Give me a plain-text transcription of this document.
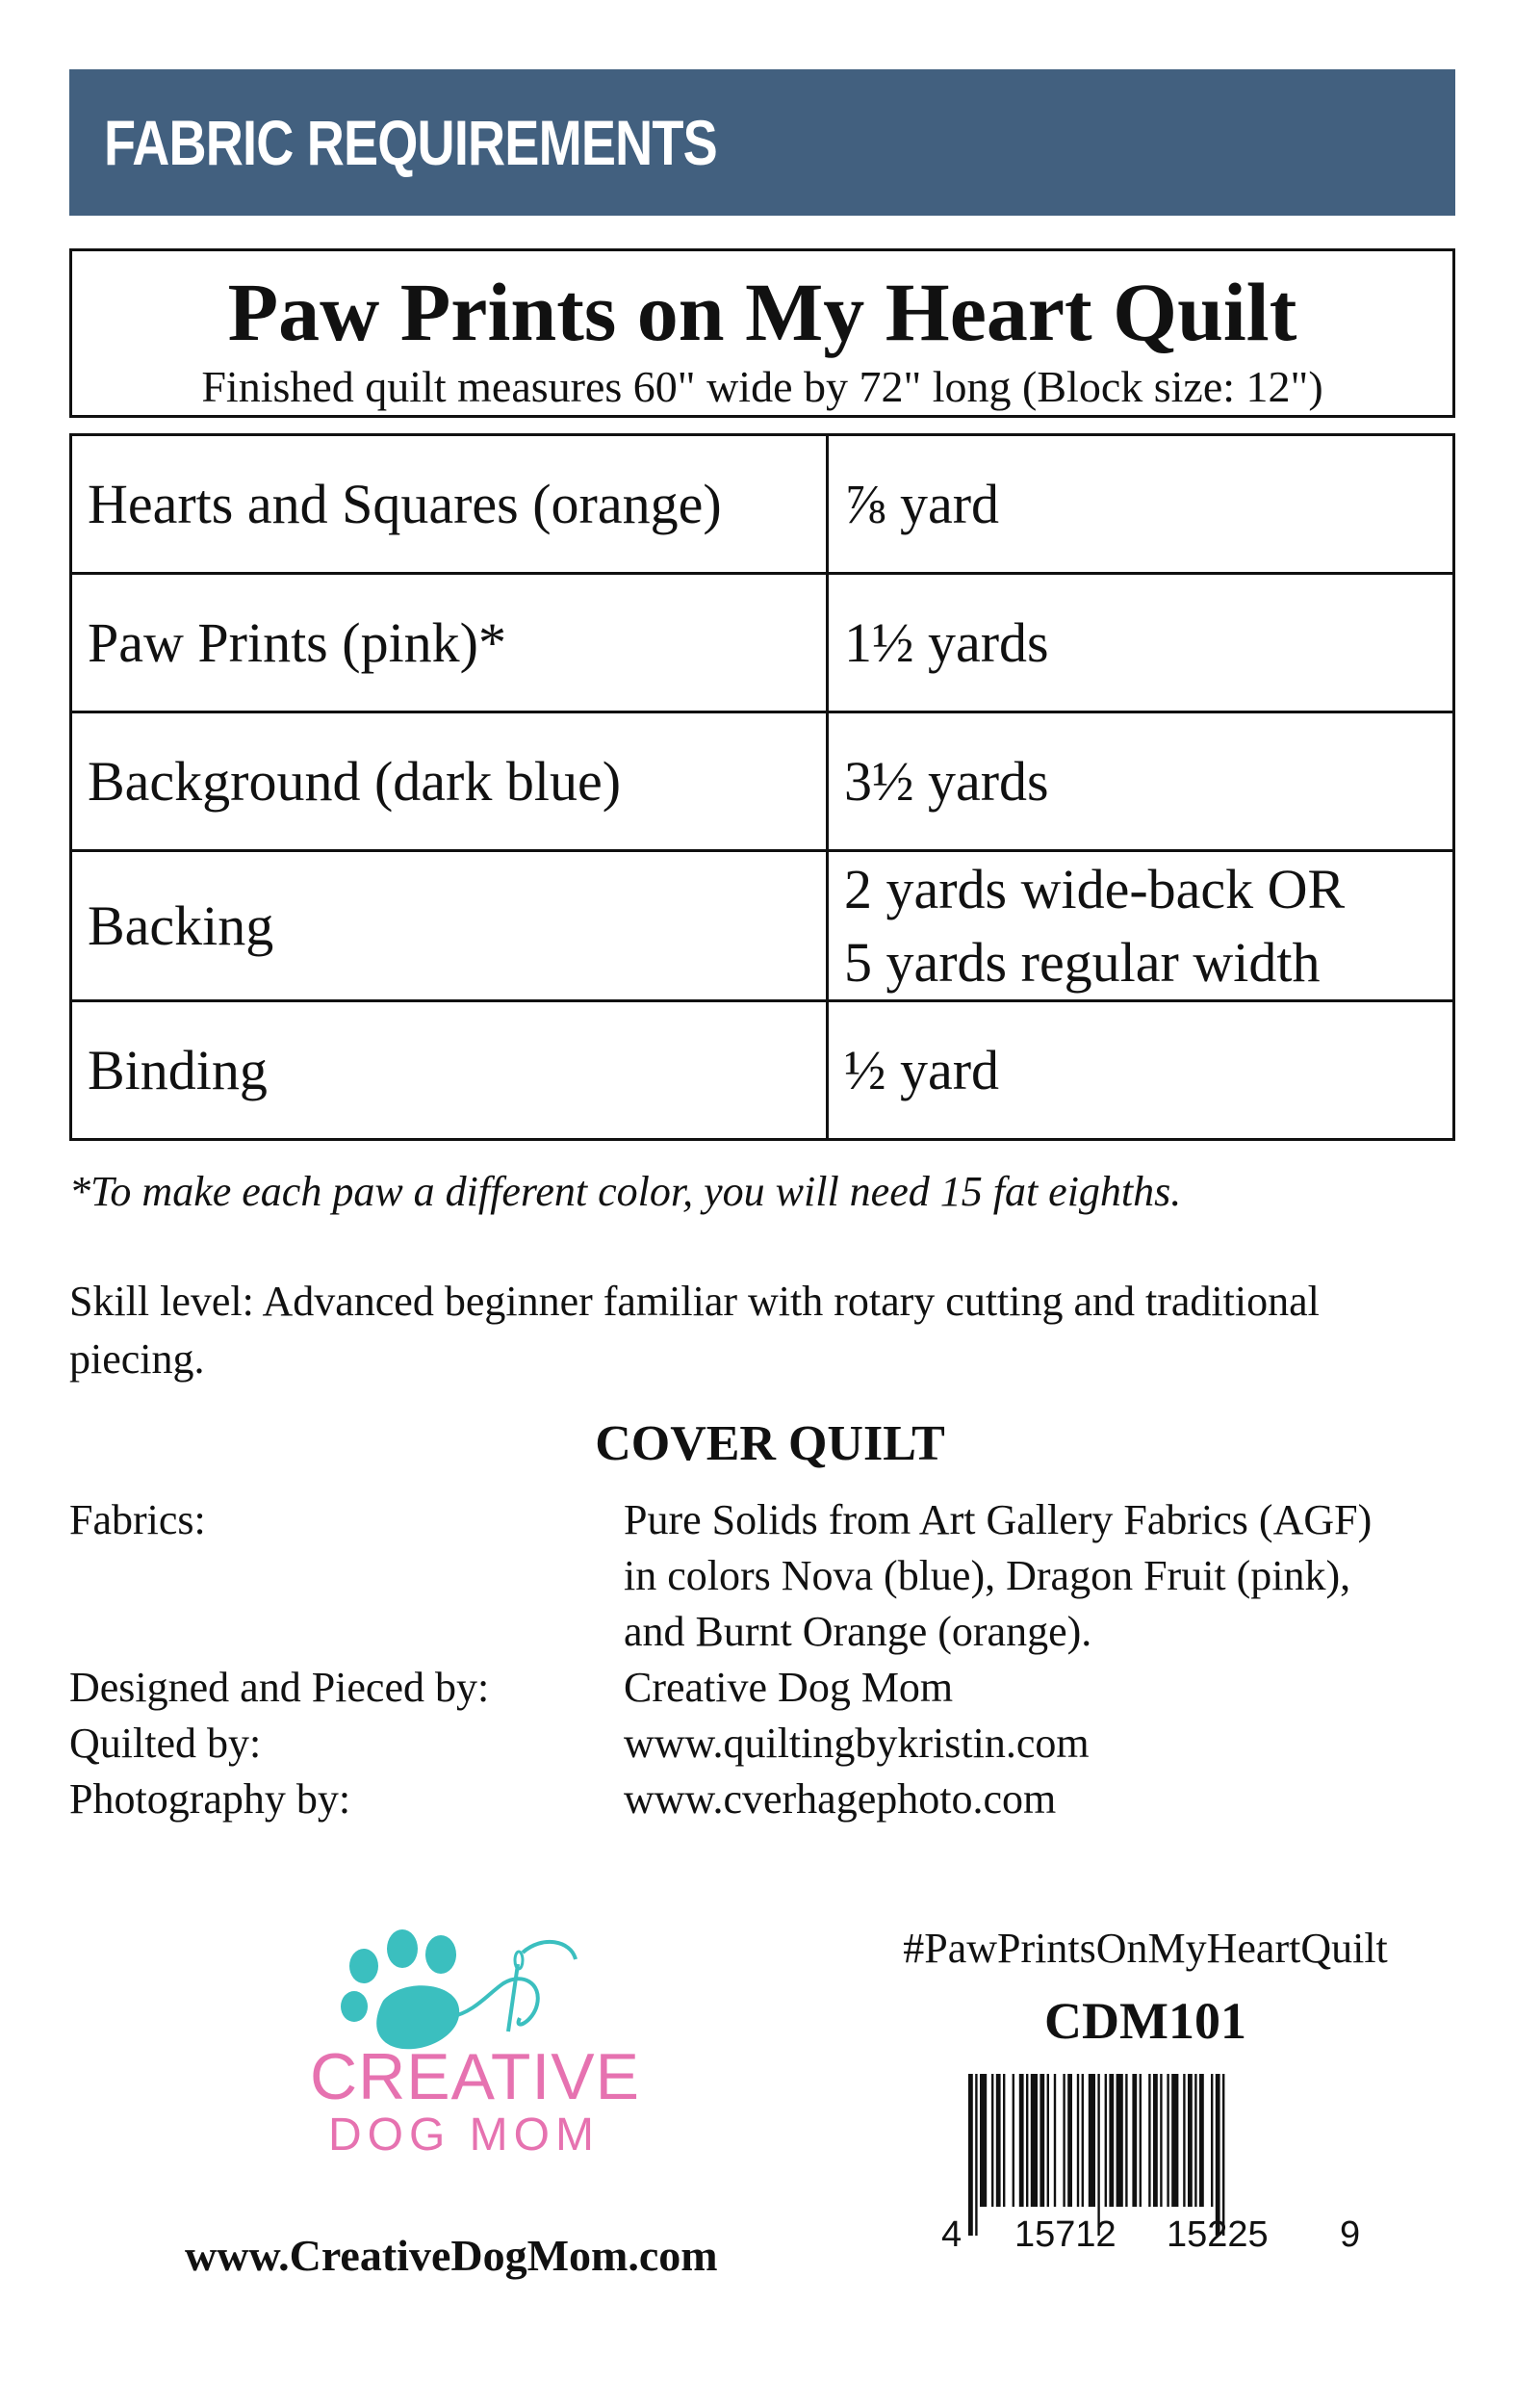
FABRIC REQUIREMENTS
Paw Prints on My Heart Quilt
Finished quilt measures 60" wide by 72" long (Block size: 12")
Hearts and Squares (orange)	⅞ yard
Paw Prints (pink)*	1½ yards
Background (dark blue)	3½ yards
Backing	2 yards wide-back OR
5 yards regular width

Binding	½ yard
*To make each paw a different color, you will need 15 fat eighths.
Skill level: Advanced beginner familiar with rotary cutting and traditional piecing.
COVER QUILT
Fabrics:	Pure Solids from Art Gallery Fabrics (AGF)
in colors Nova (blue), Dragon Fruit (pink),
and Burnt Orange (orange).
Designed and Pieced by:	Creative Dog Mom
Quilted by:	www.quiltingbykristin.com
Photography by:	www.cverhagephoto.com
CREATIVE
DOG MOM
www.CreativeDogMom.com
#PawPrintsOnMyHeartQuilt
CDM101
4 15712 15225 9
